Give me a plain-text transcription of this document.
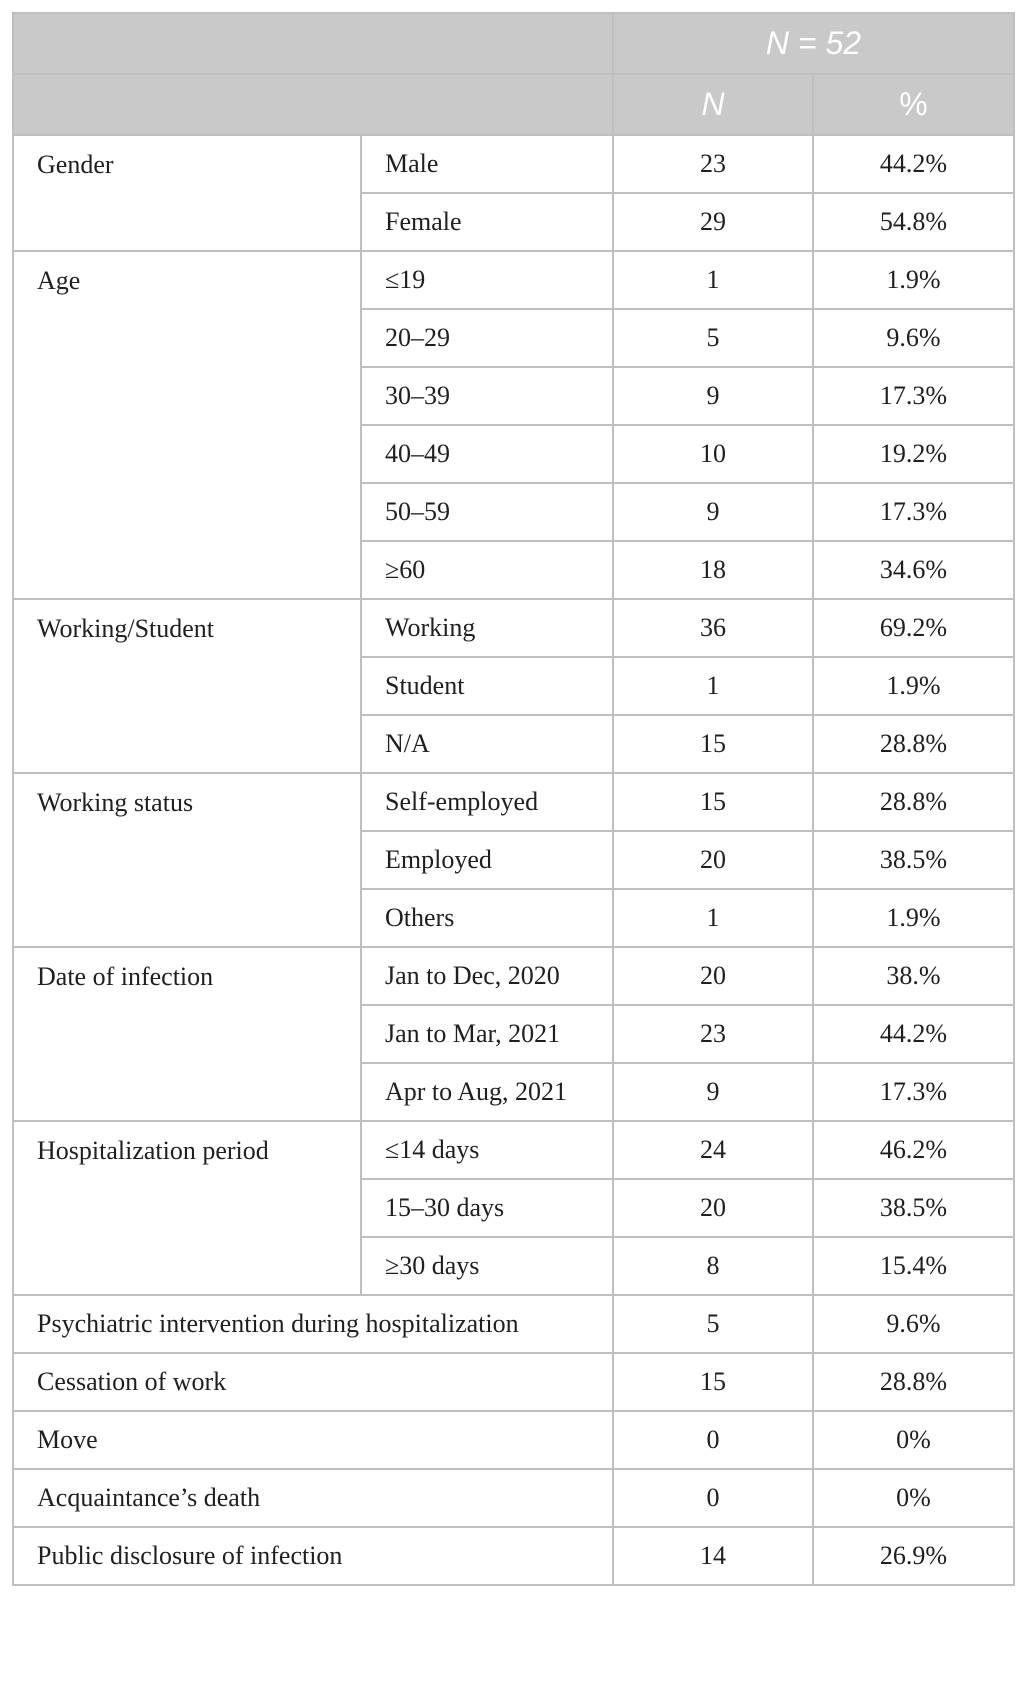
		N = 52	
		N	%
Gender	Male	23	44.2%
	Female	29	54.8%
Age	≤19	1	1.9%
	20–29	5	9.6%
	30–39	9	17.3%
	40–49	10	19.2%
	50–59	9	17.3%
	≥60	18	34.6%
Working/Student	Working	36	69.2%
	Student	1	1.9%
	N/A	15	28.8%
Working status	Self-employed	15	28.8%
	Employed	20	38.5%
	Others	1	1.9%
Date of infection	Jan to Dec, 2020	20	38.%
	Jan to Mar, 2021	23	44.2%
	Apr to Aug, 2021	9	17.3%
Hospitalization period	≤14 days	24	46.2%
	15–30 days	20	38.5%
	≥30 days	8	15.4%
Psychiatric intervention during hospitalization		5	9.6%
Cessation of work		15	28.8%
Move		0	0%
Acquaintance’s death		0	0%
Public disclosure of infection		14	26.9%
